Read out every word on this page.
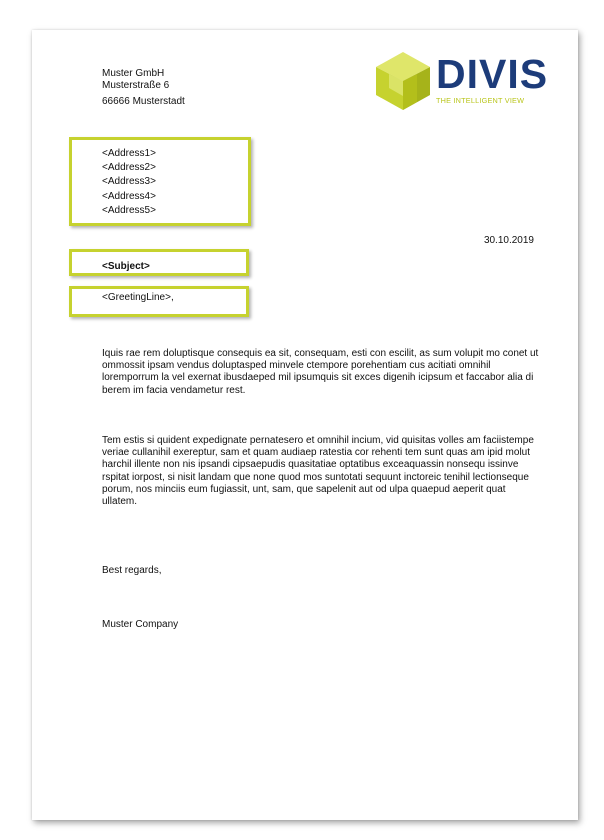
Muster GmbH
Musterstraße 6
66666 Musterstadt
DIVIS
THE INTELLIGENT VIEW
<Address1>
<Address2>
<Address3>
<Address4>
<Address5>
30.10.2019
<Subject>
<GreetingLine>,
Iquis rae rem doluptisque consequis ea sit, consequam, esti con escilit, as sum volupit mo conet ut ommossit ipsam vendus doluptasped minvele ctempore porehentiam cus acitiati omnihil loremporrum la vel exernat ibusdaeped mil ipsumquis sit exces digenih icipsum et faccabor alia di berem im facia vendametur rest.
Tem estis si quident expedignate pernatesero et omnihil incium, vid quisitas volles am faciistempe veriae cullanihil exereptur, sam et quam audiaep ratestia cor rehenti tem sunt quas am ipid molut harchil illente non nis ipsandi cipsaepudis quasitatiae optatibus exceaquassin nonsequ issinve rspitat iorpost, si nisit landam que none quod mos suntotati sequunt inctoreic tenihil lectionseque porum, nos minciis eum fugiassit, unt, sam, que sapelenit aut od ulpa quaepud aeperit quat ullatem.
Best regards,
Muster Company
